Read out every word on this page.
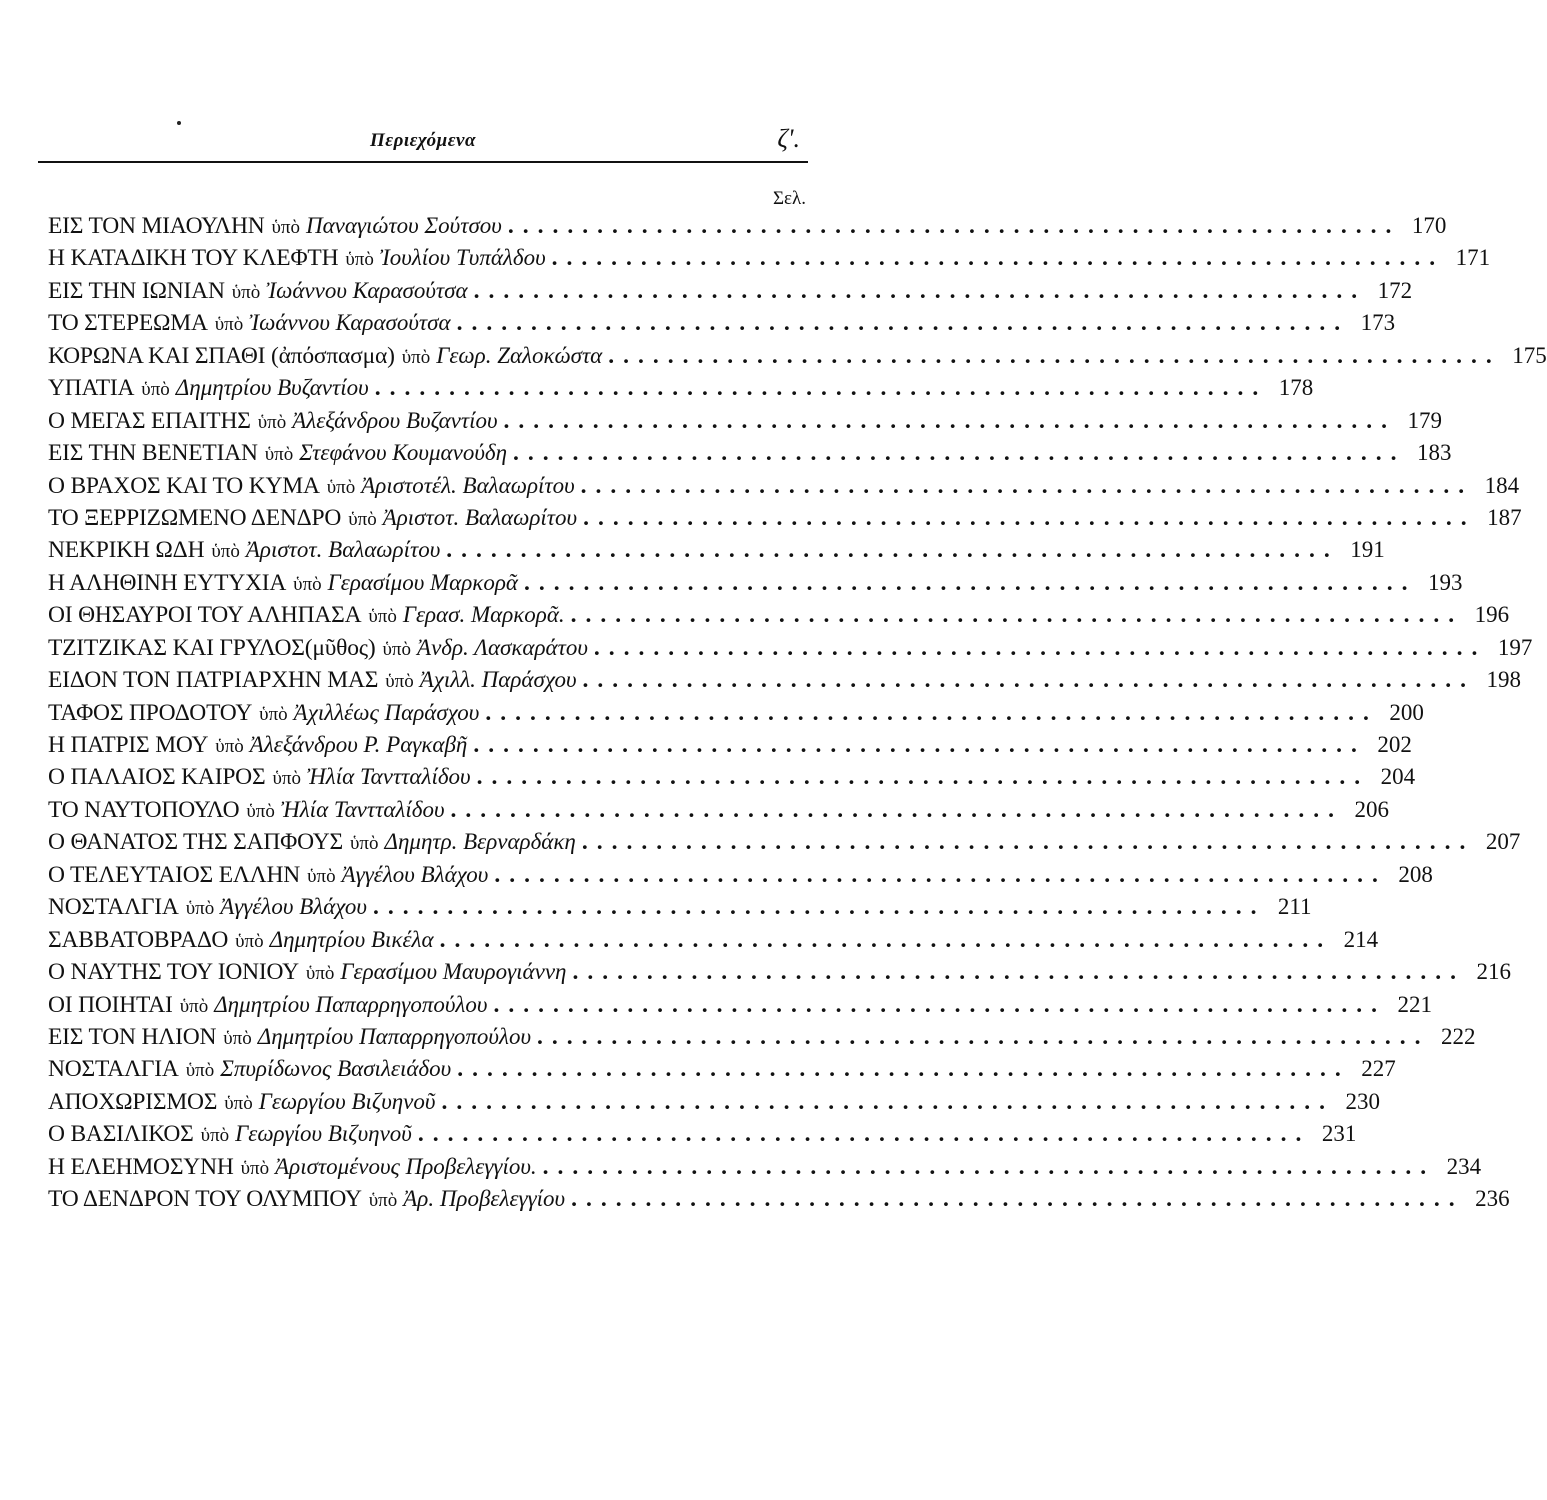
Περιεχόμενα	ζ'.
Σελ.
ΕΙΣ ΤΟΝ ΜΙΑΟΥΛΗΝ ὑπὸ Παναγιώτου Σούτσου ............................................................ 170
Η ΚΑΤΑΔΙΚΗ ΤΟΥ ΚΛΕΦΤΗ ὑπὸ Ἰουλίου Τυπάλδου ............................................................ 171
ΕΙΣ ΤΗΝ ΙΩΝΙΑΝ ὑπὸ Ἰωάννου Καρασούτσα ............................................................ 172
ΤΟ ΣΤΕΡΕΩΜΑ ὑπὸ Ἰωάννου Καρασούτσα ............................................................ 173
ΚΟΡΩΝΑ ΚΑΙ ΣΠΑΘΙ (ἀπόσπασμα) ὑπὸ Γεωρ. Ζαλοκώστα ............................................................ 175
ΥΠΑΤΙΑ ὑπὸ Δημητρίου Βυζαντίου ............................................................ 178
Ο ΜΕΓΑΣ ΕΠΑΙΤΗΣ ὑπὸ Ἀλεξάνδρου Βυζαντίου ............................................................ 179
ΕΙΣ ΤΗΝ ΒΕΝΕΤΙΑΝ ὑπὸ Στεφάνου Κουμανούδη ............................................................ 183
Ο ΒΡΑΧΟΣ ΚΑΙ ΤΟ ΚΥΜΑ ὑπὸ Ἀριστοτέλ. Βαλαωρίτου ............................................................ 184
ΤΟ ΞΕΡΡΙΖΩΜΕΝΟ ΔΕΝΔΡΟ ὑπὸ Ἀριστοτ. Βαλαωρίτου ............................................................ 187
ΝΕΚΡΙΚΗ ΩΔΗ ὑπὸ Ἀριστοτ. Βαλαωρίτου ............................................................ 191
Η ΑΛΗΘΙΝΗ ΕΥΤΥΧΙΑ ὑπὸ Γερασίμου Μαρκορᾶ ............................................................ 193
ΟΙ ΘΗΣΑΥΡΟΙ ΤΟΥ ΑΛΗΠΑΣΑ ὑπὸ Γερασ. Μαρκορᾶ. ............................................................ 196
ΤΖΙΤΖΙΚΑΣ ΚΑΙ ΓΡΥΛΟΣ(μῦθος) ὑπὸ Ἀνδρ. Λασκαράτου ............................................................ 197
ΕΙΔΟΝ ΤΟΝ ΠΑΤΡΙΑΡΧΗΝ ΜΑΣ ὑπὸ Ἀχιλλ. Παράσχου ............................................................ 198
ΤΑΦΟΣ ΠΡΟΔΟΤΟΥ ὑπὸ Ἀχιλλέως Παράσχου ............................................................ 200
Η ΠΑΤΡΙΣ ΜΟΥ ὑπὸ Ἀλεξάνδρου Ρ. Ραγκαβῆ ............................................................ 202
Ο ΠΑΛΑΙΟΣ ΚΑΙΡΟΣ ὑπὸ Ἠλία Ταντταλίδου ............................................................ 204
ΤΟ ΝΑΥΤΟΠΟΥΛΟ ὑπὸ Ἠλία Ταντταλίδου ............................................................ 206
Ο ΘΑΝΑΤΟΣ ΤΗΣ ΣΑΠΦΟΥΣ ὑπὸ Δημητρ. Βερναρδάκη ............................................................ 207
Ο ΤΕΛΕΥΤΑΙΟΣ ΕΛΛΗΝ ὑπὸ Ἀγγέλου Βλάχου ............................................................ 208
ΝΟΣΤΑΛΓΙΑ ὑπὸ Ἀγγέλου Βλάχου ............................................................ 211
ΣΑΒΒΑΤΟΒΡΑΔΟ ὑπὸ Δημητρίου Βικέλα ............................................................ 214
Ο ΝΑΥΤΗΣ ΤΟΥ ΙΟΝΙΟΥ ὑπὸ Γερασίμου Μαυρογιάννη ............................................................ 216
ΟΙ ΠΟΙΗΤΑΙ ὑπὸ Δημητρίου Παπαρρηγοπούλου ............................................................ 221
ΕΙΣ ΤΟΝ ΗΛΙΟΝ ὑπὸ Δημητρίου Παπαρρηγοπούλου ............................................................ 222
ΝΟΣΤΑΛΓΙΑ ὑπὸ Σπυρίδωνος Βασιλειάδου ............................................................ 227
ΑΠΟΧΩΡΙΣΜΟΣ ὑπὸ Γεωργίου Βιζυηνοῦ ............................................................ 230
Ο ΒΑΣΙΛΙΚΟΣ ὑπὸ Γεωργίου Βιζυηνοῦ ............................................................ 231
Η ΕΛΕΗΜΟΣΥΝΗ ὑπὸ Ἀριστομένους Προβελεγγίου. ............................................................ 234
ΤΟ ΔΕΝΔΡΟΝ ΤΟΥ ΟΛΥΜΠΟΥ ὑπὸ Ἀρ. Προβελεγγίου ............................................................ 236
